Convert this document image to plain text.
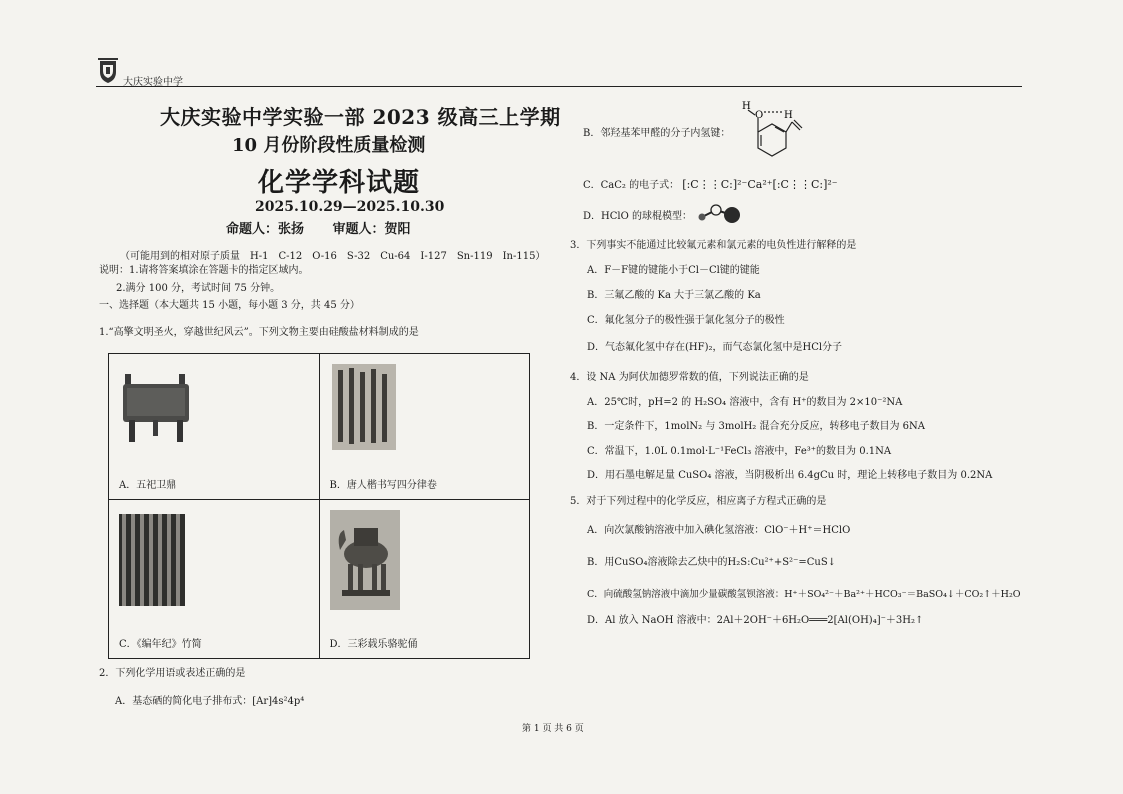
大庆实验中学
大庆实验中学实验一部 2023 级高三上学期
10 月份阶段性质量检测
化学学科试题
2025.10.29—2025.10.30
命题人：张扬 审题人：贺阳
（可能用到的相对原子质量　H-1　C-12　O-16　S-32　Cu-64　I-127　Sn-119　In-115）
说明：1.请将答案填涂在答题卡的指定区域内。
2.满分 100 分，考试时间 75 分钟。
一、选择题（本大题共 15 小题，每小题 3 分，共 45 分）
1.“高擎文明圣火，穿越世纪风云”。下列文物主要由硅酸盐材料制成的是
A．五祀卫鼎	B．唐人楷书写四分律卷

C．《编年纪》竹简	D．三彩载乐骆驼俑
2．下列化学用语或表述正确的是
A．基态硒的简化电子排布式：[Ar]4s²4p⁴
B．邻羟基苯甲醛的分子内氢键：
H
O H
C．CaC₂ 的电子式： [:C⋮⋮C:]²⁻Ca²⁺[:C⋮⋮C:]²⁻
D．HClO 的球棍模型：
3．下列事实不能通过比较氟元素和氯元素的电负性进行解释的是
A．F－F键的键能小于Cl－Cl键的键能
B．三氟乙酸的 Ka 大于三氯乙酸的 Ka
C．氟化氢分子的极性强于氯化氢分子的极性
D．气态氟化氢中存在(HF)₂，而气态氯化氢中是HCl分子
4．设 NA 为阿伏加德罗常数的值，下列说法正确的是
A．25℃时，pH=2 的 H₂SO₄ 溶液中，含有 H⁺的数目为 2×10⁻²NA
B．一定条件下，1molN₂ 与 3molH₂ 混合充分反应，转移电子数目为 6NA
C．常温下，1.0L 0.1mol·L⁻¹FeCl₃ 溶液中，Fe³⁺的数目为 0.1NA
D．用石墨电解足量 CuSO₄ 溶液，当阴极析出 6.4gCu 时，理论上转移电子数目为 0.2NA
5．对于下列过程中的化学反应，相应离子方程式正确的是
A．向次氯酸钠溶液中加入碘化氢溶液：ClO⁻＋H⁺＝HClO
B．用CuSO₄溶液除去乙炔中的H₂S:Cu²⁺+S²⁻=CuS↓
C．向硫酸氢钠溶液中滴加少量碳酸氢钡溶液：H⁺＋SO₄²⁻＋Ba²⁺＋HCO₃⁻＝BaSO₄↓＋CO₂↑＋H₂O
D．Al 放入 NaOH 溶液中：2Al＋2OH⁻＋6H₂O═══2[Al(OH)₄]⁻＋3H₂↑
第 1 页 共 6 页
